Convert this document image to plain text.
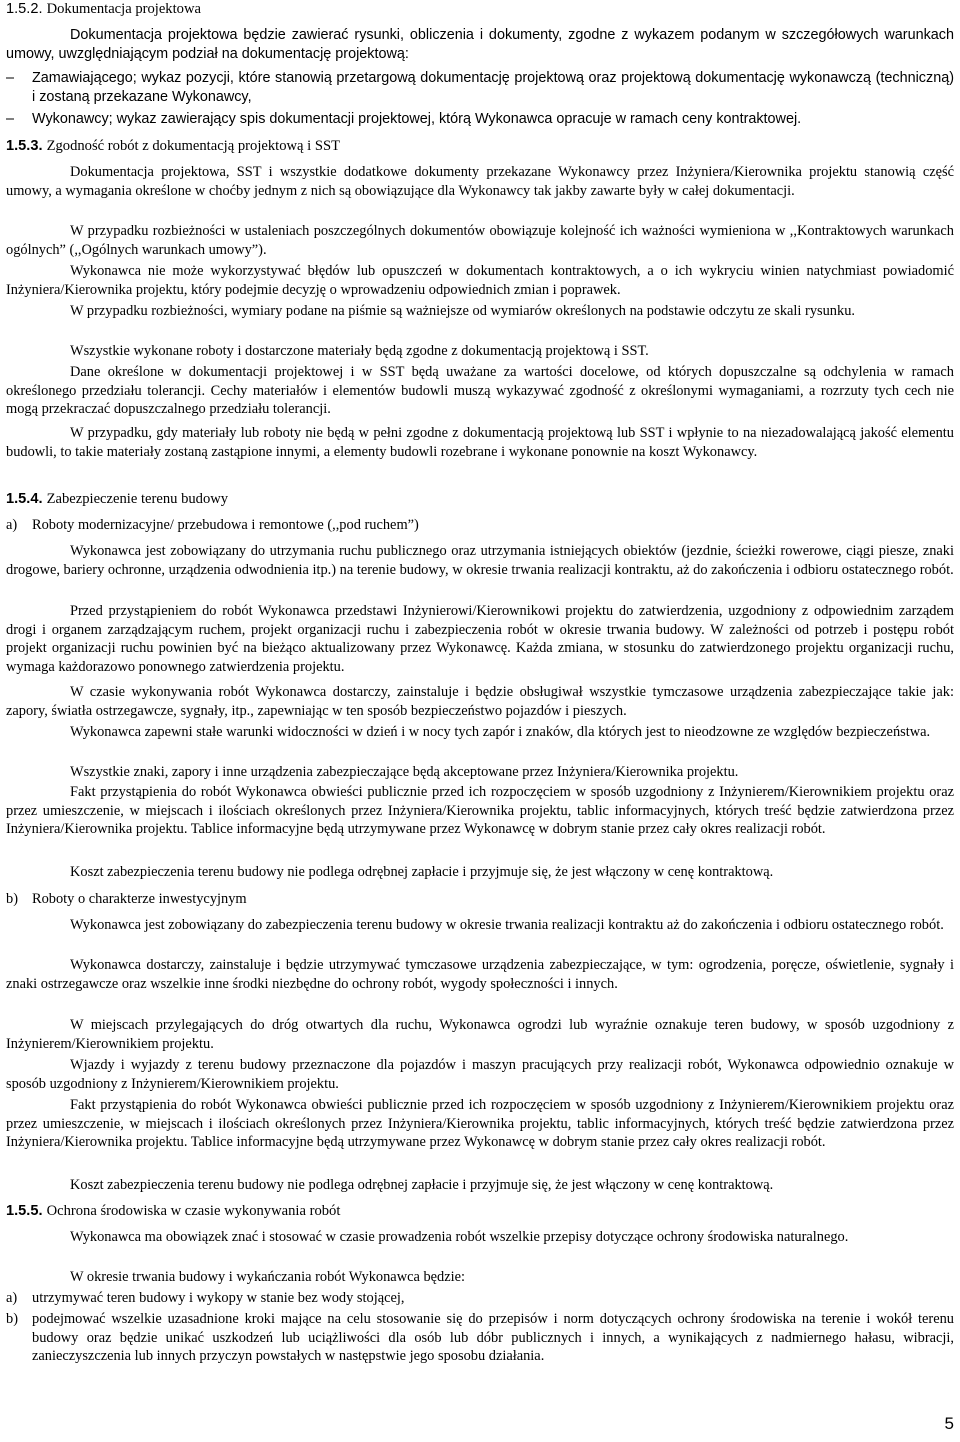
1.5.2. Dokumentacja projektowa
Dokumentacja projektowa będzie zawierać rysunki, obliczenia i dokumenty, zgodne z wykazem podanym w szczegółowych warunkach umowy, uwzględniającym podział na dokumentację projektową:
– Zamawiającego; wykaz pozycji, które stanowią przetargową dokumentację projektową oraz projektową dokumentację wykonawczą (techniczną) i zostaną przekazane Wykonawcy,
– Wykonawcy; wykaz zawierający spis dokumentacji projektowej, którą Wykonawca opracuje w ramach ceny kontraktowej.
1.5.3. Zgodność robót z dokumentacją projektową i SST
Dokumentacja projektowa, SST i wszystkie dodatkowe dokumenty przekazane Wykonawcy przez Inżyniera/Kierownika projektu stanowią część umowy, a wymagania określone w choćby jednym z nich są obowiązujące dla Wykonawcy tak jakby zawarte były w całej dokumentacji.
W przypadku rozbieżności w ustaleniach poszczególnych dokumentów obowiązuje kolejność ich ważności wymieniona w ,,Kontraktowych warunkach ogólnych” (,,Ogólnych warunkach umowy”).
Wykonawca nie może wykorzystywać błędów lub opuszczeń w dokumentach kontraktowych, a o ich wykryciu winien natychmiast powiadomić Inżyniera/Kierownika projektu, który podejmie decyzję o wprowadzeniu odpowiednich zmian i poprawek.
W przypadku rozbieżności, wymiary podane na piśmie są ważniejsze od wymiarów określonych na podstawie odczytu ze skali rysunku.
Wszystkie wykonane roboty i dostarczone materiały będą zgodne z dokumentacją projektową i SST.
Dane określone w dokumentacji projektowej i w SST będą uważane za wartości docelowe, od których dopuszczalne są odchylenia w ramach określonego przedziału tolerancji. Cechy materiałów i elementów budowli muszą wykazywać zgodność z określonymi wymaganiami, a rozrzuty tych cech nie mogą przekraczać dopuszczalnego przedziału tolerancji.
W przypadku, gdy materiały lub roboty nie będą w pełni zgodne z dokumentacją projektową lub SST i wpłynie to na niezadowalającą jakość elementu budowli, to takie materiały zostaną zastąpione innymi, a elementy budowli rozebrane i wykonane ponownie na koszt Wykonawcy.
1.5.4. Zabezpieczenie terenu budowy
a) Roboty modernizacyjne/ przebudowa i remontowe (,,pod ruchem”)
Wykonawca jest zobowiązany do utrzymania ruchu publicznego oraz utrzymania istniejących obiektów (jezdnie, ścieżki rowerowe, ciągi piesze, znaki drogowe, bariery ochronne, urządzenia odwodnienia itp.) na terenie budowy, w okresie trwania realizacji kontraktu, aż do zakończenia i odbioru ostatecznego robót.
Przed przystąpieniem do robót Wykonawca przedstawi Inżynierowi/Kierownikowi projektu do zatwierdzenia, uzgodniony z odpowiednim zarządem drogi i organem zarządzającym ruchem, projekt organizacji ruchu i zabezpieczenia robót w okresie trwania budowy. W zależności od potrzeb i postępu robót projekt organizacji ruchu powinien być na bieżąco aktualizowany przez Wykonawcę. Każda zmiana, w stosunku do zatwierdzonego projektu organizacji ruchu, wymaga każdorazowo ponownego zatwierdzenia projektu.
W czasie wykonywania robót Wykonawca dostarczy, zainstaluje i będzie obsługiwał wszystkie tymczasowe urządzenia zabezpieczające takie jak: zapory, światła ostrzegawcze, sygnały, itp., zapewniając w ten sposób bezpieczeństwo pojazdów i pieszych.
Wykonawca zapewni stałe warunki widoczności w dzień i w nocy tych zapór i znaków, dla których jest to nieodzowne ze względów bezpieczeństwa.
Wszystkie znaki, zapory i inne urządzenia zabezpieczające będą akceptowane przez Inżyniera/Kierownika projektu.
Fakt przystąpienia do robót Wykonawca obwieści publicznie przed ich rozpoczęciem w sposób uzgodniony z Inżynierem/Kierownikiem projektu oraz przez umieszczenie, w miejscach i ilościach określonych przez Inżyniera/Kierownika projektu, tablic informacyjnych, których treść będzie zatwierdzona przez Inżyniera/Kierownika projektu. Tablice informacyjne będą utrzymywane przez Wykonawcę w dobrym stanie przez cały okres realizacji robót.
Koszt zabezpieczenia terenu budowy nie podlega odrębnej zapłacie i przyjmuje się, że jest włączony w cenę kontraktową.
b) Roboty o charakterze inwestycyjnym
Wykonawca jest zobowiązany do zabezpieczenia terenu budowy w okresie trwania realizacji kontraktu aż do zakończenia i odbioru ostatecznego robót.
Wykonawca dostarczy, zainstaluje i będzie utrzymywać tymczasowe urządzenia zabezpieczające, w tym: ogrodzenia, poręcze, oświetlenie, sygnały i znaki ostrzegawcze oraz wszelkie inne środki niezbędne do ochrony robót, wygody społeczności i innych.
W miejscach przylegających do dróg otwartych dla ruchu, Wykonawca ogrodzi lub wyraźnie oznakuje teren budowy, w sposób uzgodniony z Inżynierem/Kierownikiem projektu.
Wjazdy i wyjazdy z terenu budowy przeznaczone dla pojazdów i maszyn pracujących przy realizacji robót, Wykonawca odpowiednio oznakuje w sposób uzgodniony z Inżynierem/Kierownikiem projektu.
Fakt przystąpienia do robót Wykonawca obwieści publicznie przed ich rozpoczęciem w sposób uzgodniony z Inżynierem/Kierownikiem projektu oraz przez umieszczenie, w miejscach i ilościach określonych przez Inżyniera/Kierownika projektu, tablic informacyjnych, których treść będzie zatwierdzona przez Inżyniera/Kierownika projektu. Tablice informacyjne będą utrzymywane przez Wykonawcę w dobrym stanie przez cały okres realizacji robót.
Koszt zabezpieczenia terenu budowy nie podlega odrębnej zapłacie i przyjmuje się, że jest włączony w cenę kontraktową.
1.5.5. Ochrona środowiska w czasie wykonywania robót
Wykonawca ma obowiązek znać i stosować w czasie prowadzenia robót wszelkie przepisy dotyczące ochrony środowiska naturalnego.
W okresie trwania budowy i wykańczania robót Wykonawca będzie:
a) utrzymywać teren budowy i wykopy w stanie bez wody stojącej,
b) podejmować wszelkie uzasadnione kroki mające na celu stosowanie się do przepisów i norm dotyczących ochrony środowiska na terenie i wokół terenu budowy oraz będzie unikać uszkodzeń lub uciążliwości dla osób lub dóbr publicznych i innych, a wynikających z nadmiernego hałasu, wibracji, zanieczyszczenia lub innych przyczyn powstałych w następstwie jego sposobu działania.
5
